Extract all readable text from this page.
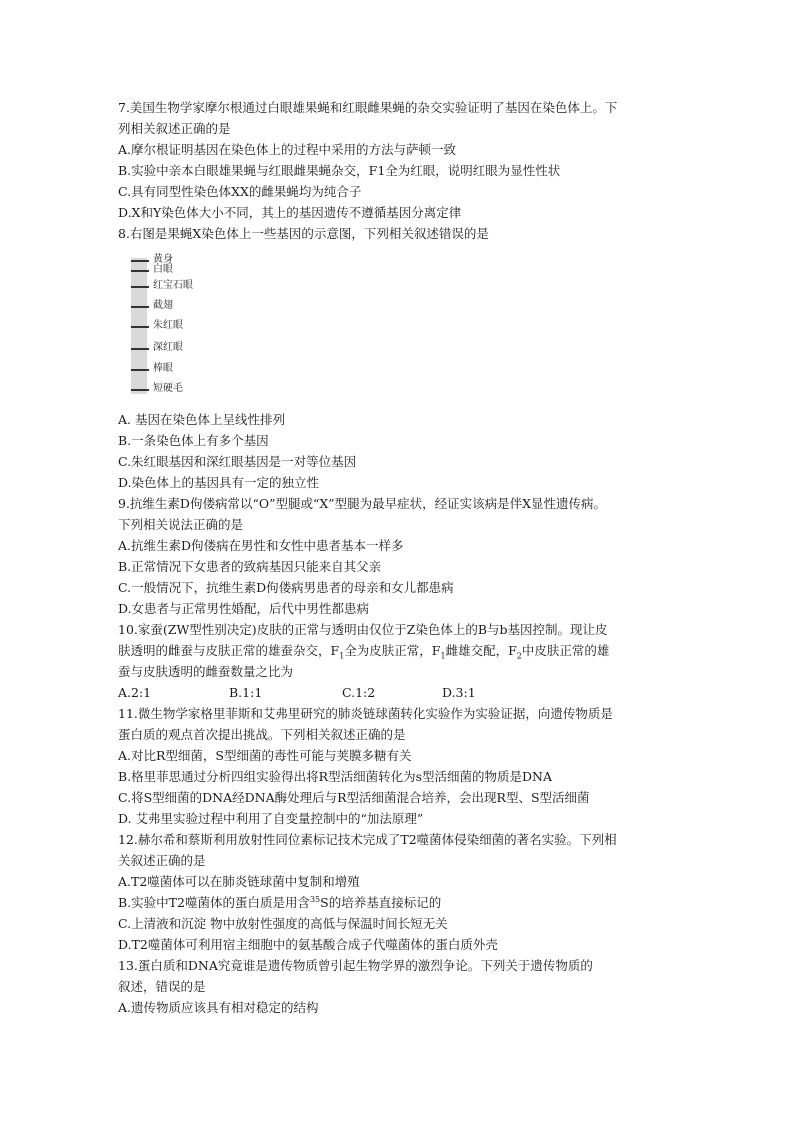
7.美国生物学家摩尔根通过白眼雄果蝇和红眼雌果蝇的杂交实验证明了基因在染色体上。下
列相关叙述正确的是
A.摩尔根证明基因在染色体上的过程中采用的方法与萨顿一致
B.实验中亲本白眼雄果蝇与红眼雌果蝇杂交，F1全为红眼，说明红眼为显性性状
C.具有同型性染色体XX的雌果蝇均为纯合子
D.X和Y染色体大小不同，其上的基因遗传不遵循基因分离定律
8.右图是果蝇X染色体上一些基因的示意图，下列相关叙述错误的是
黄身
白眼
红宝石眼
截翅
朱红眼
深红眼
棒眼
短硬毛
A. 基因在染色体上呈线性排列
B.一条染色体上有多个基因
C.朱红眼基因和深红眼基因是一对等位基因
D.染色体上的基因具有一定的独立性
9.抗维生素D佝偻病常以“O”型腿或“X”型腿为最早症状，经证实该病是伴X显性遗传病。
下列相关说法正确的是
A.抗维生素D佝偻病在男性和女性中患者基本一样多
B.正常情况下女患者的致病基因只能来自其父亲
C.一般情况下，抗维生素D佝偻病男患者的母亲和女儿都患病
D.女患者与正常男性婚配，后代中男性都患病
10.家蚕(ZW型性别决定)皮肤的正常与透明由仅位于Z染色体上的B与b基因控制。现让皮
肤透明的雌蚕与皮肤正常的雄蚕杂交，$F_1$全为皮肤正常，$F_1$雌雄交配，$F_2$中皮肤正常的雄
蚕与皮肤透明的雌蚕数量之比为
A.2:1	B.1:1	C.1:2	D.3:1
11.微生物学家格里菲斯和艾弗里研究的肺炎链球菌转化实验作为实验证据，向遗传物质是
蛋白质的观点首次提出挑战。下列相关叙述正确的是
A.对比R型细菌，S型细菌的毒性可能与荚膜多糖有关
B.格里菲思通过分析四组实验得出将R型活细菌转化为s型活细菌的物质是DNA
C.将S型细菌的DNA经DNA酶处理后与R型活细菌混合培养，会出现R型、S型活细菌
D. 艾弗里实验过程中利用了自变量控制中的“加法原理”
12.赫尔希和蔡斯利用放射性同位素标记技术完成了T2噬菌体侵染细菌的著名实验。下列相
关叙述正确的是
A.T2噬菌体可以在肺炎链球菌中复制和增殖
B.实验中T2噬菌体的蛋白质是用含$^{35}$S的培养基直接标记的
C.上清液和沉淀 物中放射性强度的高低与保温时间长短无关
D.T2噬菌体可利用宿主细胞中的氨基酸合成子代噬菌体的蛋白质外壳
13.蛋白质和DNA究竟谁是遗传物质曾引起生物学界的激烈争论。下列关于遗传物质的
叙述，错误的是
A.遗传物质应该具有相对稳定的结构
